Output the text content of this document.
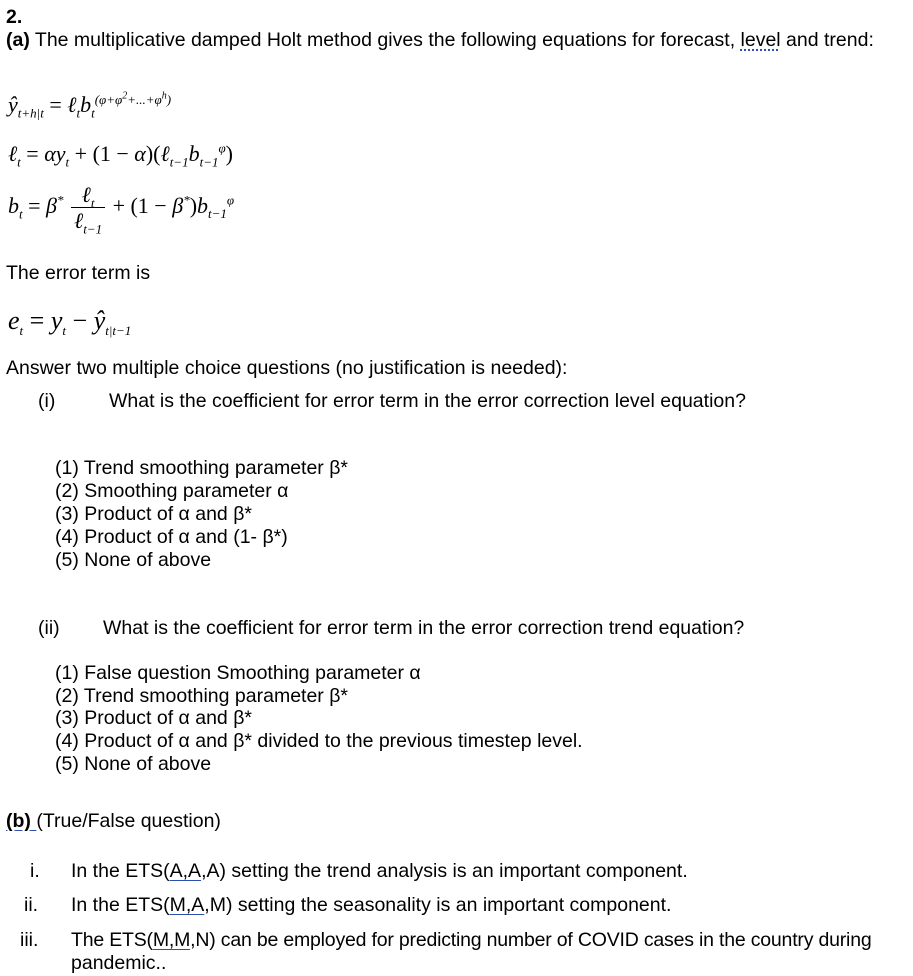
2.
(a) The multiplicative damped Holt method gives the following equations for forecast, level and trend:
$ŷ_{t+h|t}$ = $\ell_tb_t^{(\varphi+\varphi^2+...+\varphi^h)}$
ℓ$_t$ = $\alpha y_t + (1$ − $\alpha)(\ell_{t-1}b_{t-1}^\varphi)$
$b_t = \beta^* \frac{\ell_t}{\ell_{t-1}} + (1 - \beta^*)b_{t-1}^\varphi$
The error term is
$e_t = y_t$ − $ŷ_{t|t-1}$
Answer two multiple choice questions (no justification is needed):
(i)	What is the coefficient for error term in the error correction level equation?
(1) Trend smoothing parameter β*
(2) Smoothing parameter α
(3) Product of α and β*
(4) Product of α and (1- β*)
(5) None of above
(ii) What is the coefficient for error term in the error correction trend equation?
(1) False question Smoothing parameter α
(2) Trend smoothing parameter β*
(3) Product of α and β*
(4) Product of α and β* divided to the previous timestep level.
(5) None of above
(b) (True/False question)
i. In the ETS(A,A,A) setting the trend analysis is an important component.
ii. In the ETS(M,A,M) setting the seasonality is an important component.
iii. The ETS(M,M,N) can be employed for predicting number of COVID cases in the country during
pandemic..
